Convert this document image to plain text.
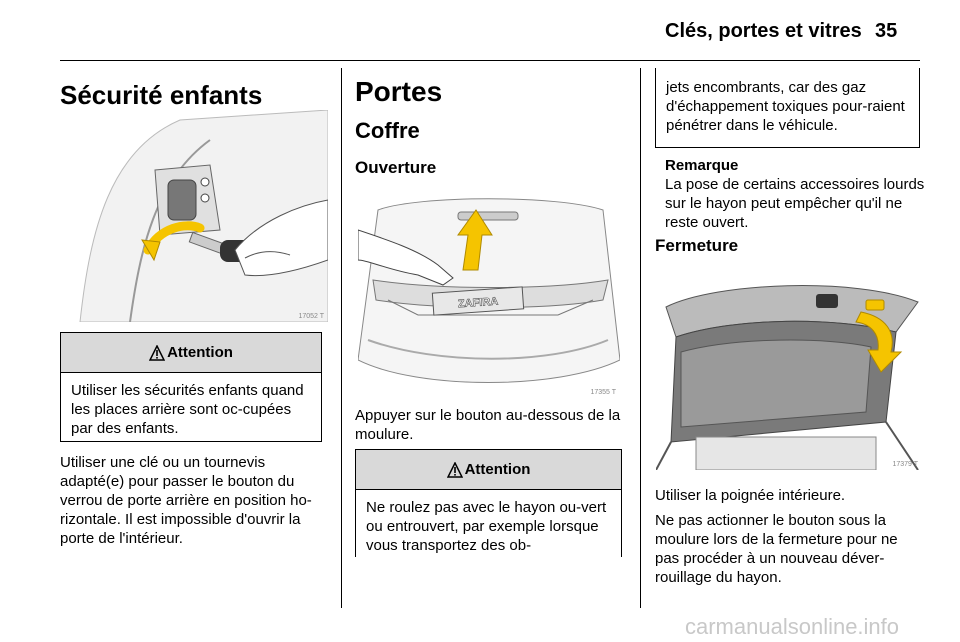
Clés, portes et vitres 35
Sécurité enfants
17052 T
Attention
Utiliser les sécurités enfants quand les places arrière sont oc-cupées par des enfants.
Utiliser une clé ou un tournevis adapté(e) pour passer le bouton du verrou de porte arrière en position ho-rizontale. Il est impossible d'ouvrir la porte de l'intérieur.
Portes
Coffre
Ouverture
ZAFIRA
17355 T
Appuyer sur le bouton au-dessous de la moulure.
Attention
Ne roulez pas avec le hayon ou-vert ou entrouvert, par exemple lorsque vous transportez des ob-
jets encombrants, car des gaz d'échappement toxiques pour-raient pénétrer dans le véhicule.
Remarque
La pose de certains accessoires lourds sur le hayon peut empêcher qu'il ne reste ouvert.
Fermeture
17379 T
Utiliser la poignée intérieure.
Ne pas actionner le bouton sous la moulure lors de la fermeture pour ne pas procéder à un nouveau déver-rouillage du hayon.
carmanualsonline.info
